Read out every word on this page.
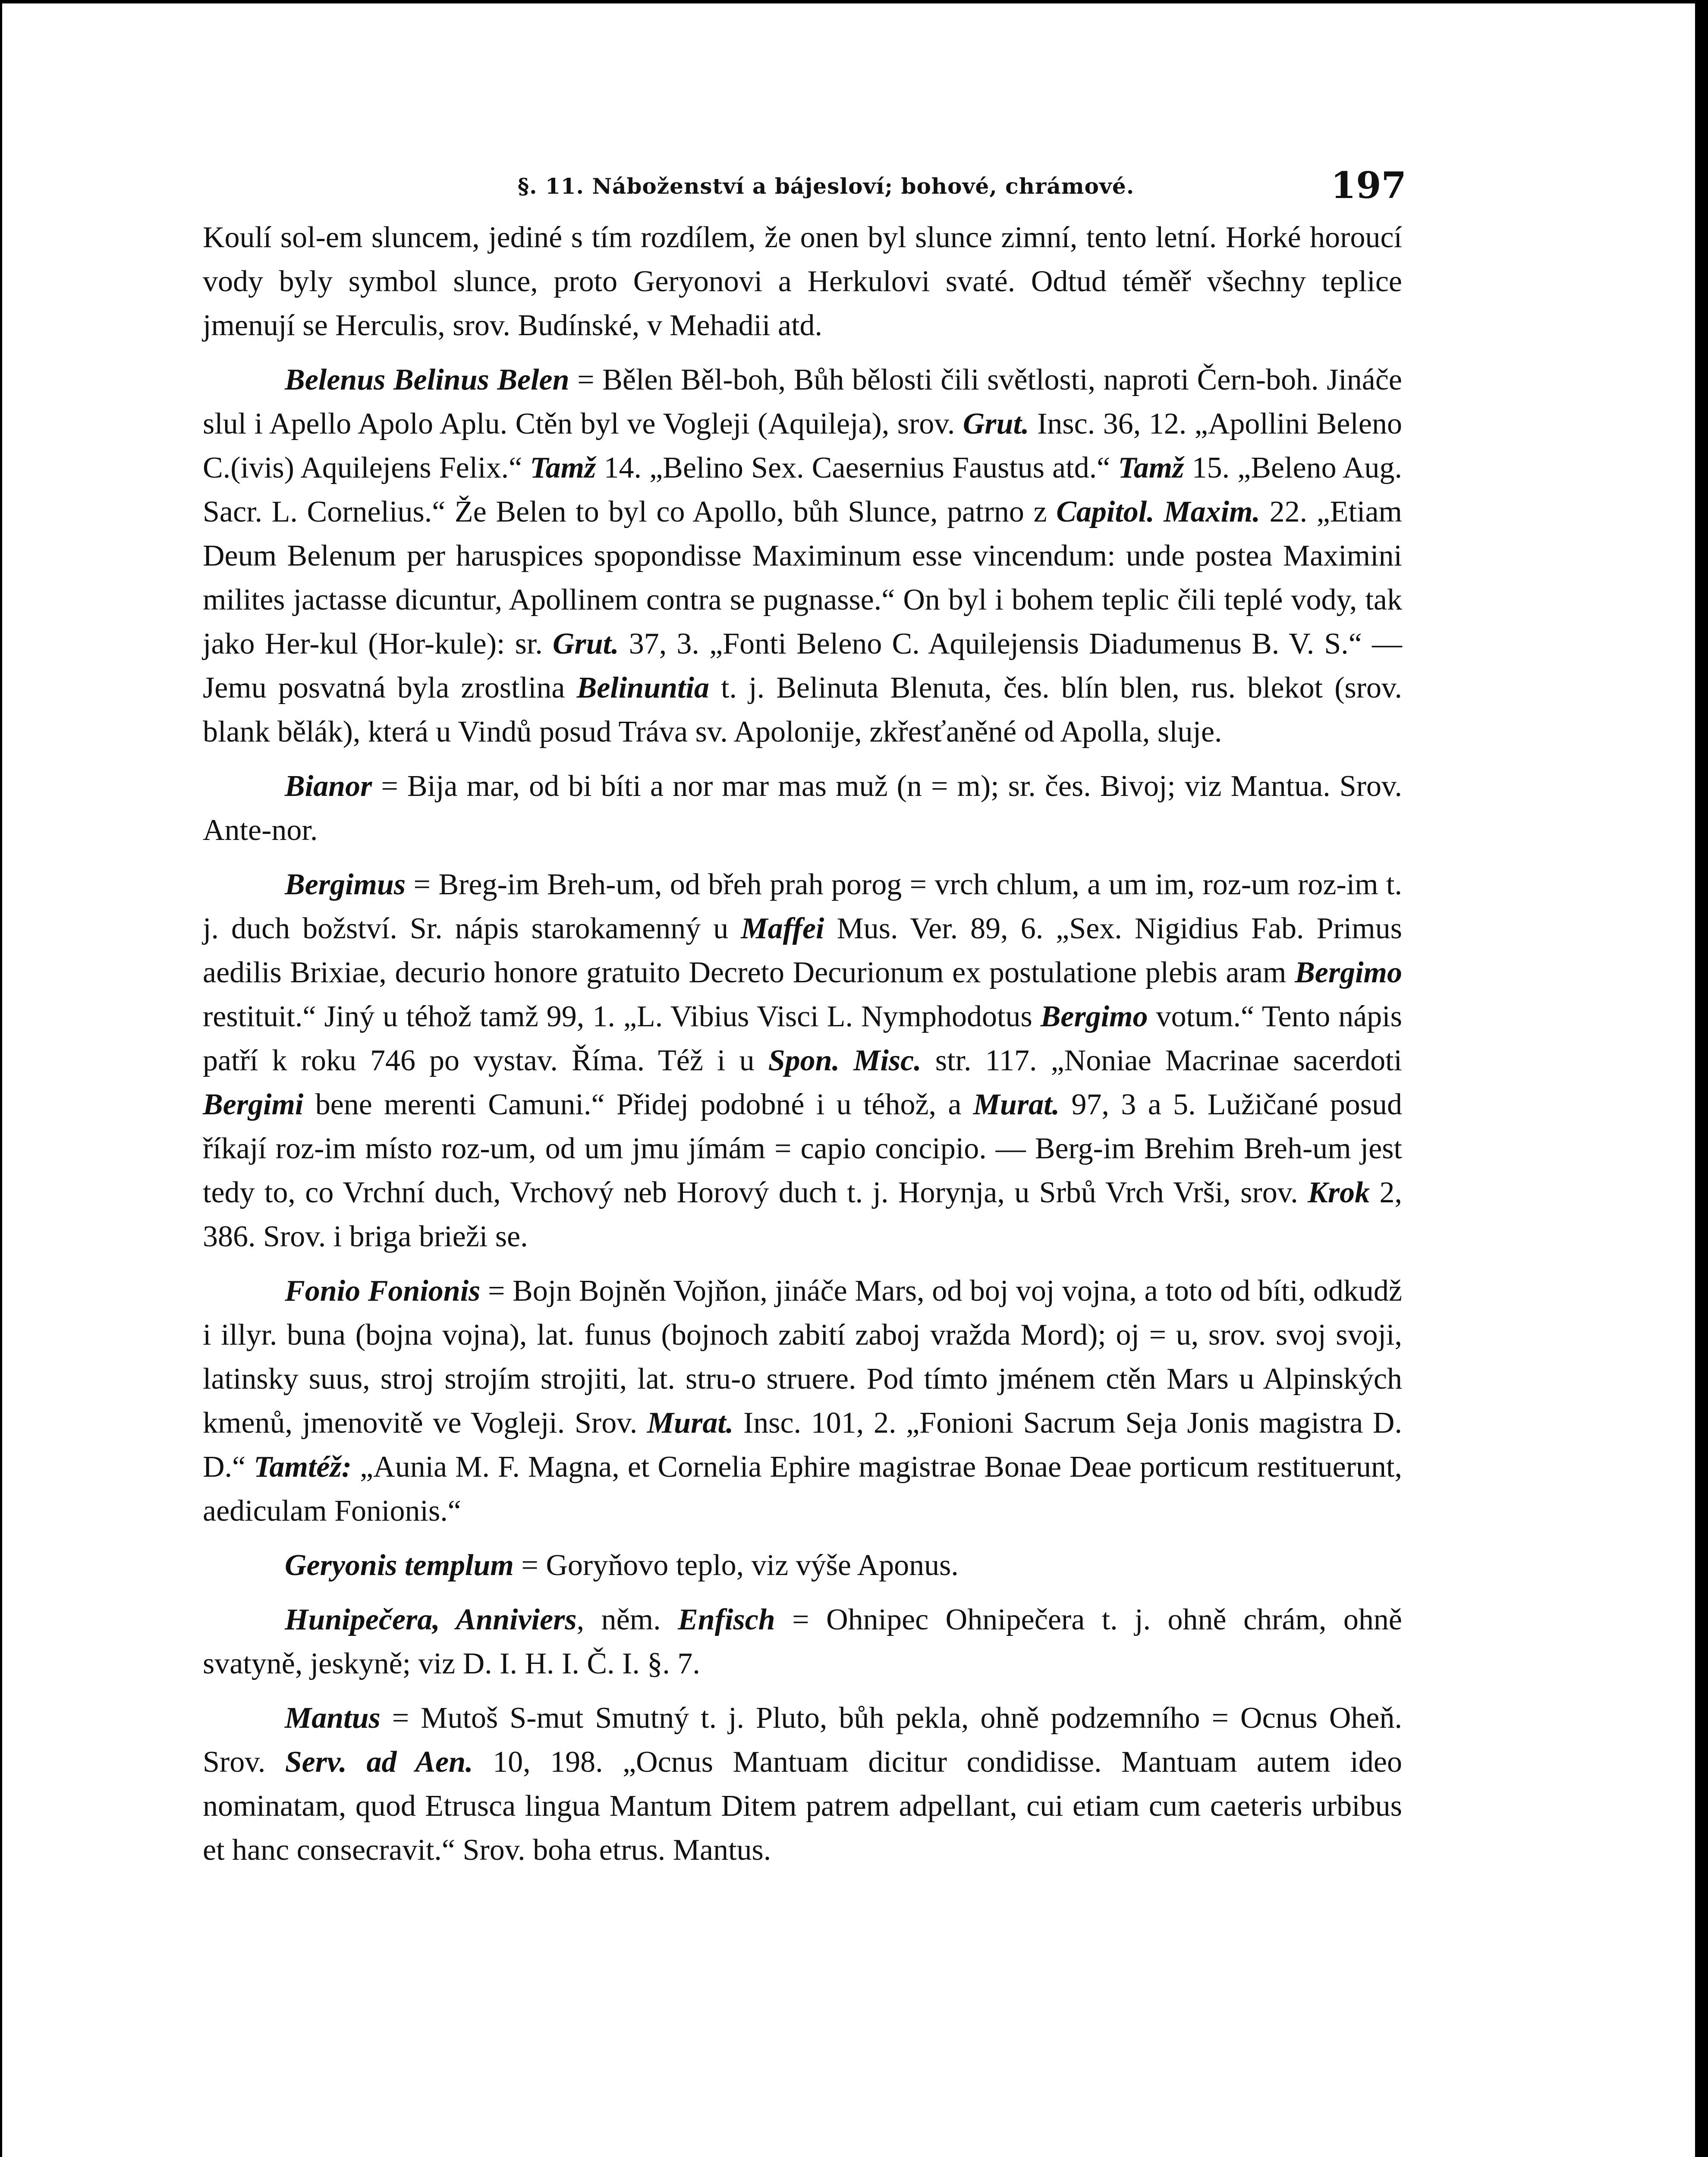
§. 11. Náboženství a bájesloví; bohové, chrámové.	197

Koulí sol-em sluncem, jediné s tím rozdílem, že onen byl slunce zimní, tento letní. Horké horoucí vody byly symbol slunce, proto Geryonovi a Herkulovi svaté. Odtud téměř všechny teplice jmenují se Herculis, srov. Budínské, v Mehadii atd.

Belenus Belinus Belen = Bělen Běl-boh, Bůh bělosti čili světlosti, naproti Čern-boh. Jináče slul i Apello Apolo Aplu. Ctěn byl ve Vogleji (Aquileja), srov. Grut. Insc. 36, 12. „Apollini Beleno C.(ivis) Aquilejens Felix.“ Tamž 14. „Belino Sex. Caesernius Faustus atd.“ Tamž 15. „Beleno Aug. Sacr. L. Cornelius.“ Že Belen to byl co Apollo, bůh Slunce, patrno z Capitol. Maxim. 22. „Etiam Deum Belenum per haruspices spopondisse Maximinum esse vincendum: unde postea Maximini milites jactasse dicuntur, Apollinem contra se pugnasse.“ On byl i bohem teplic čili teplé vody, tak jako Her-kul (Hor-kule): sr. Grut. 37, 3. „Fonti Beleno C. Aquilejensis Diadumenus B. V. S.“ — Jemu posvatná byla zrostlina Belinuntia t. j. Belinuta Blenuta, čes. blín blen, rus. blekot (srov. blank bělák), která u Vindů posud Tráva sv. Apolonije, zkřesťaněné od Apolla, sluje.

Bianor = Bija mar, od bi bíti a nor mar mas muž (n = m); sr. čes. Bivoj; viz Mantua. Srov. Ante-nor.

Bergimus = Breg-im Breh-um, od břeh prah porog = vrch chlum, a um im, roz-um roz-im t. j. duch božství. Sr. nápis starokamenný u Maffei Mus. Ver. 89, 6. „Sex. Nigidius Fab. Primus aedilis Brixiae, decurio honore gratuito Decreto Decurionum ex postulatione plebis aram Bergimo restituit.“ Jiný u téhož tamž 99, 1. „L. Vibius Visci L. Nymphodotus Bergimo votum.“ Tento nápis patří k roku 746 po vystav. Říma. Též i u Spon. Misc. str. 117. „Noniae Macrinae sacerdoti Bergimi bene merenti Camuni.“ Přidej podobné i u téhož, a Murat. 97, 3 a 5. Lužičané posud říkají roz-im místo roz-um, od um jmu jímám = capio concipio. — Berg-im Brehim Breh-um jest tedy to, co Vrchní duch, Vrchový neb Horový duch t. j. Horynja, u Srbů Vrch Vrši, srov. Krok 2, 386. Srov. i briga brieži se.

Fonio Fonionis = Bojn Bojněn Vojňon, jináče Mars, od boj voj vojna, a toto od bíti, odkudž i illyr. buna (bojna vojna), lat. funus (bojnoch zabití zaboj vražda Mord); oj = u, srov. svoj svoji, latinsky suus, stroj strojím strojiti, lat. stru-o struere. Pod tímto jménem ctěn Mars u Alpinských kmenů, jmenovitě ve Vogleji. Srov. Murat. Insc. 101, 2. „Fonioni Sacrum Seja Jonis magistra D. D.“ Tamtéž: „Aunia M. F. Magna, et Cornelia Ephire magistrae Bonae Deae porticum restituerunt, aediculam Fonionis.“

Geryonis templum = Goryňovo teplo, viz výše Aponus.

Hunipečera, Anniviers, něm. Enfisch = Ohnipec Ohnipečera t. j. ohně chrám, ohně svatyně, jeskyně; viz D. I. H. I. Č. I. §. 7.

Mantus = Mutoš S-mut Smutný t. j. Pluto, bůh pekla, ohně podzemního = Ocnus Oheň. Srov. Serv. ad Aen. 10, 198. „Ocnus Mantuam dicitur condidisse. Mantuam autem ideo nominatam, quod Etrusca lingua Mantum Ditem patrem adpellant, cui etiam cum caeteris urbibus et hanc consecravit.“ Srov. boha etrus. Mantus.
